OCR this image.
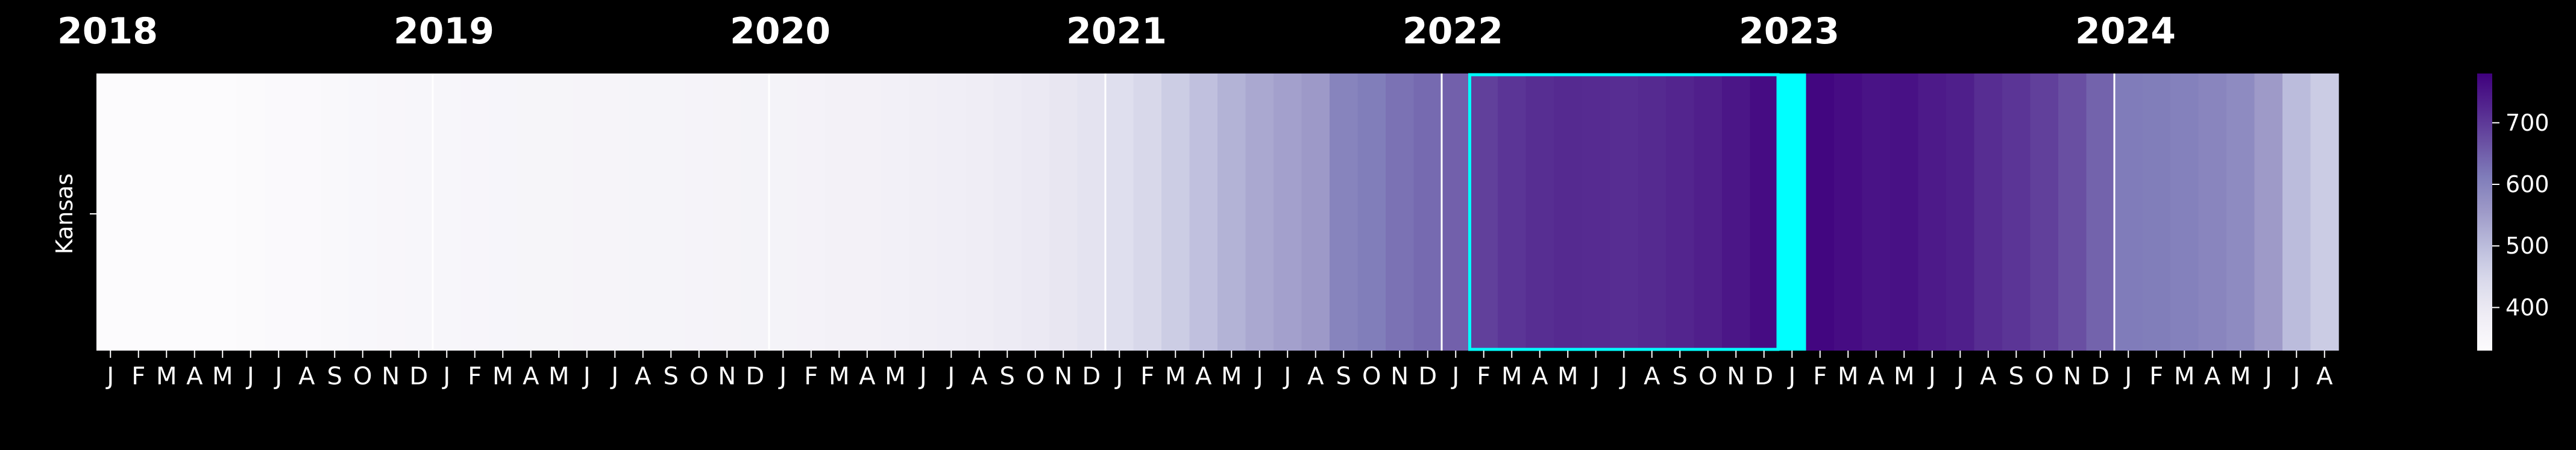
2018	2019	2020	2021	2022	2023	2024
Kansas
J F M A M J J A S O N D J F M A M J J A S O N D J F M A M J J A S O N D J F M A M J J A S O N D J F M A M J J A S O N D J F M A M J J A S O N D J F M A M J J A
400
500
600
700
